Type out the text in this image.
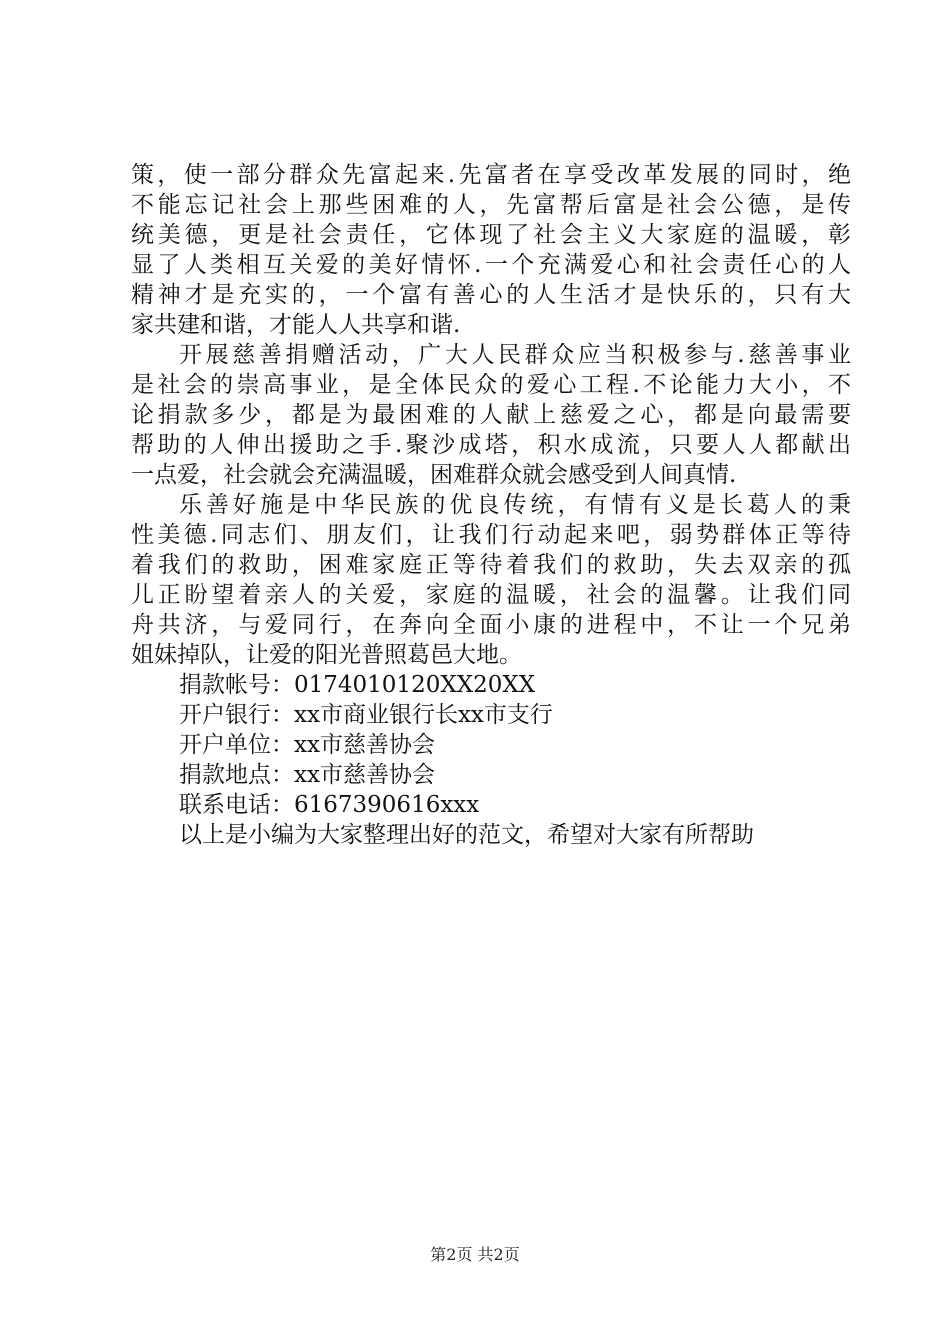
策，使一部分群众先富起来.先富者在享受改革发展的同时，绝
不能忘记社会上那些困难的人，先富帮后富是社会公德，是传
统美德，更是社会责任，它体现了社会主义大家庭的温暖，彰
显了人类相互关爱的美好情怀.一个充满爱心和社会责任心的人
精神才是充实的，一个富有善心的人生活才是快乐的，只有大
家共建和谐，才能人人共享和谐.
开展慈善捐赠活动，广大人民群众应当积极参与.慈善事业
是社会的崇高事业，是全体民众的爱心工程.不论能力大小，不
论捐款多少，都是为最困难的人献上慈爱之心，都是向最需要
帮助的人伸出援助之手.聚沙成塔，积水成流，只要人人都献出
一点爱，社会就会充满温暖，困难群众就会感受到人间真情.
乐善好施是中华民族的优良传统，有情有义是长葛人的秉
性美德.同志们、朋友们，让我们行动起来吧，弱势群体正等待
着我们的救助，困难家庭正等待着我们的救助，失去双亲的孤
儿正盼望着亲人的关爱，家庭的温暖，社会的温馨。让我们同
舟共济，与爱同行，在奔向全面小康的进程中，不让一个兄弟
姐妹掉队，让爱的阳光普照葛邑大地。
捐款帐号：0174010120XX20XX
开户银行：xx市商业银行长xx市支行
开户单位：xx市慈善协会
捐款地点：xx市慈善协会
联系电话：6167390616xxx
以上是小编为大家整理出好的范文，希望对大家有所帮助
第2页 共2页
